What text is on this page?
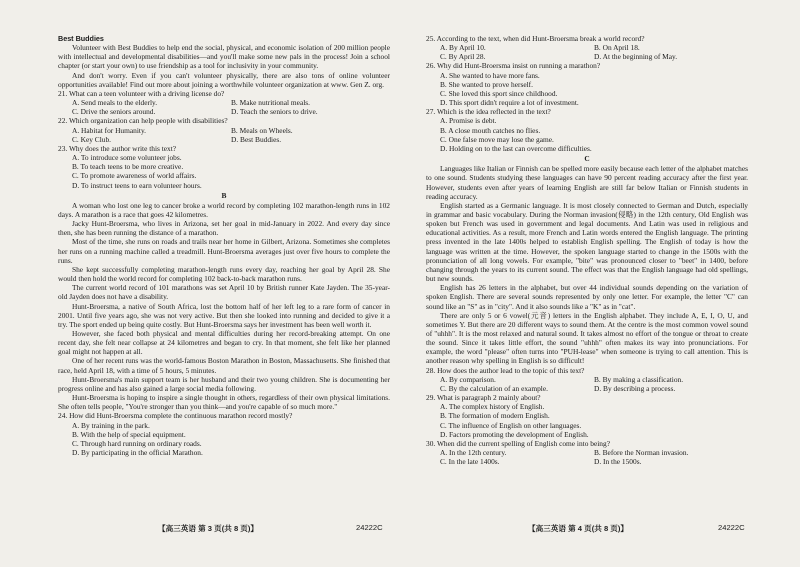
Best Buddies

Volunteer with Best Buddies to help end the social, physical, and economic isolation of 200 million people with intellectual and developmental disabilities—and you'll make some new pals in the process! Join a school chapter (or start your own) to use friendship as a tool for inclusivity in your community.

And don't worry. Even if you can't volunteer physically, there are also tons of online volunteer opportunities available! Find out more about joining a worthwhile volunteer organization at www. Gen Z. org.

21. What can a teen volunteer with a driving license do?

A. Send meals to the elderly.	B. Make nutritional meals.
C. Drive the seniors around.	D. Teach the seniors to drive.

22. Which organization can help people with disabilities?

A. Habitat for Humanity.	B. Meals on Wheels.
C. Key Club.	D. Best Buddies.

23. Why does the author write this text?

A. To introduce some volunteer jobs.
B. To teach teens to be more creative.
C. To promote awareness of world affairs.
D. To instruct teens to earn volunteer hours.
B

A woman who lost one leg to cancer broke a world record by completing 102 marathon-length runs in 102 days. A marathon is a race that goes 42 kilometres.

Jacky Hunt-Broersma, who lives in Arizona, set her goal in mid-January in 2022. And every day since then, she has been running the distance of a marathon.

Most of the time, she runs on roads and trails near her home in Gilbert, Arizona. Sometimes she completes her runs on a running machine called a treadmill. Hunt-Broersma averages just over five hours to complete the runs.

She kept successfully completing marathon-length runs every day, reaching her goal by April 28. She would then hold the world record for completing 102 back-to-back marathon runs.

The current world record of 101 marathons was set April 10 by British runner Kate Jayden. The 35-year-old Jayden does not have a disability.

Hunt-Broersma, a native of South Africa, lost the bottom half of her left leg to a rare form of cancer in 2001. Until five years ago, she was not very active. But then she looked into running and decided to give it a try. The sport ended up being quite costly. But Hunt-Broersma says her investment has been well worth it.

However, she faced both physical and mental difficulties during her record-breaking attempt. On one recent day, she felt near collapse at 24 kilometres and began to cry. In that moment, she felt like her planned goal might not happen at all.

One of her recent runs was the world-famous Boston Marathon in Boston, Massachusetts. She finished that race, held April 18, with a time of 5 hours, 5 minutes.

Hunt-Broersma's main support team is her husband and their two young children. She is documenting her progress online and has also gained a large social media following.

Hunt-Broersma is hoping to inspire a single thought in others, regardless of their own physical limitations. She often tells people, "You're stronger than you think—and you're capable of so much more."

24. How did Hunt-Broersma complete the continuous marathon record mostly?

A. By training in the park.
B. With the help of special equipment.
C. Through hard running on ordinary roads.
D. By participating in the official Marathon.
【高三英语 第 3 页(共 8 页)】	24222C

25. According to the text, when did Hunt-Broersma break a world record?

A. By April 10.	B. On April 18.
C. By April 28.	D. At the beginning of May.

26. Why did Hunt-Broersma insist on running a marathon?

A. She wanted to have more fans.
B. She wanted to prove herself.
C. She loved this sport since childhood.
D. This sport didn't require a lot of investment.

27. Which is the idea reflected in the text?

A. Promise is debt.
B. A close mouth catches no flies.
C. One false move may lose the game.
D. Holding on to the last can overcome difficulties.
C

Languages like Italian or Finnish can be spelled more easily because each letter of the alphabet matches to one sound. Students studying these languages can have 90 percent reading accuracy after the first year. However, students even after years of learning English are still far below Italian or Finnish students in reading accuracy.

English started as a Germanic language. It is most closely connected to German and Dutch, especially in grammar and basic vocabulary. During the Norman invasion(侵略) in the 12th century, Old English was spoken but French was used in government and legal documents. And Latin was used in religious and educational activities. As a result, more French and Latin words entered the English language. The printing press invented in the late 1400s helped to establish English spelling. The English of today is how the language was written at the time. However, the spoken language started to change in the 1500s with the pronunciation of all long vowels. For example, "bite" was pronounced closer to "beet" in 1400, before changing through the years to its current sound. The effect was that the English language had old spellings, but new sounds.

English has 26 letters in the alphabet, but over 44 individual sounds depending on the variation of spoken English. There are several sounds represented by only one letter. For example, the letter "C" can sound like an "S" as in "city". And it also sounds like a "K" as in "cat".

There are only 5 or 6 vowel(元音) letters in the English alphabet. They include A, E, I, O, U, and sometimes Y. But there are 20 different ways to sound them. At the centre is the most common vowel sound of "uhhh". It is the most relaxed and natural sound. It takes almost no effort of the tongue or throat to create the sound. Since it takes little effort, the sound "uhhh" often makes its way into pronunciations. For example, the word "please" often turns into "PUH-lease" when someone is trying to call attention. This is another reason why spelling in English is so difficult!

28. How does the author lead to the topic of this text?

A. By comparison.	B. By making a classification.
C. By the calculation of an example.	D. By describing a process.

29. What is paragraph 2 mainly about?

A. The complex history of English.
B. The formation of modern English.
C. The influence of English on other languages.
D. Factors promoting the development of English.

30. When did the current spelling of English come into being?

A. In the 12th century.	B. Before the Norman invasion.
C. In the late 1400s.	D. In the 1500s.
【高三英语 第 4 页(共 8 页)】	24222C
